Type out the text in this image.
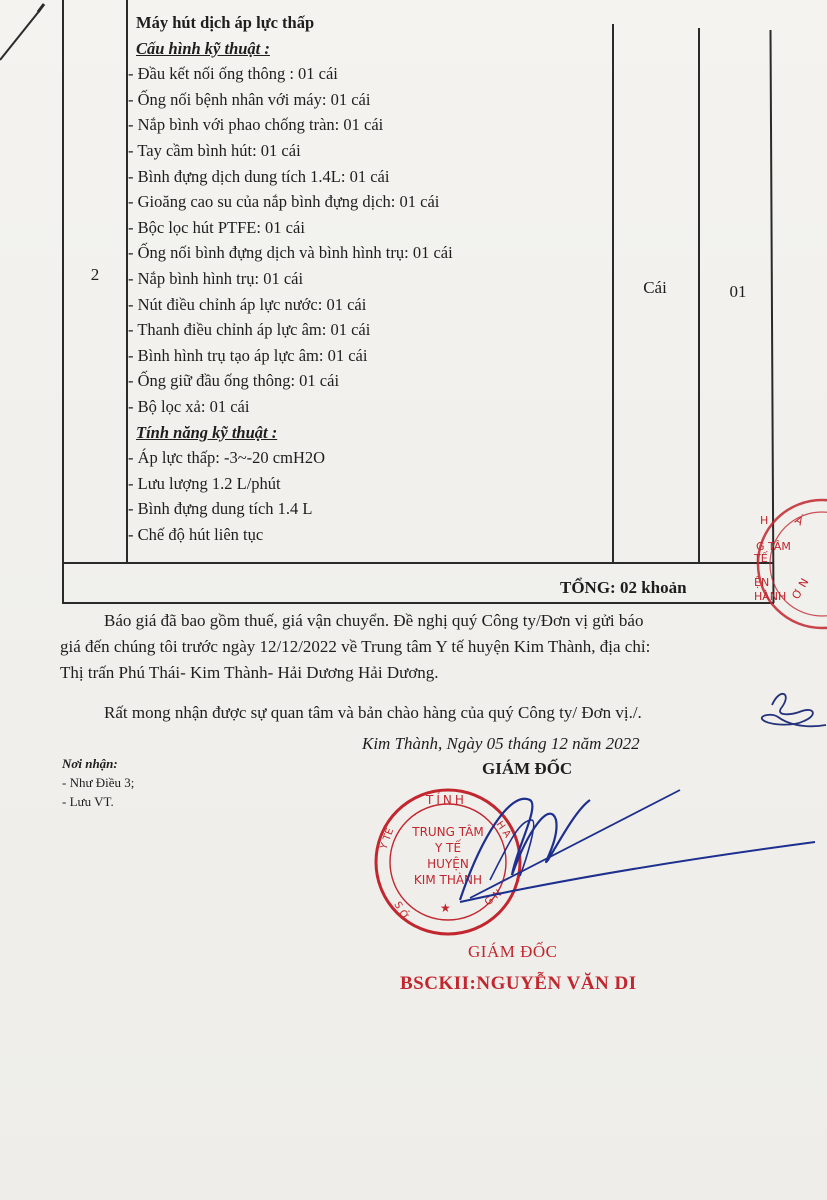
2
Máy hút dịch áp lực thấp
Cấu hình kỹ thuật :
- Đầu kết nối ống thông : 01 cái
- Ống nối bệnh nhân với máy: 01 cái
- Nắp bình với phao chống tràn: 01 cái
- Tay cầm bình hút: 01 cái
- Bình đựng dịch dung tích 1.4L: 01 cái
- Gioăng cao su của nắp bình đựng dịch: 01 cái
- Bộc lọc hút PTFE: 01 cái
- Ống nối bình đựng dịch và bình hình trụ: 01 cái
- Nắp bình hình trụ: 01 cái
- Nút điều chỉnh áp lực nước: 01 cái
- Thanh điều chỉnh áp lực âm: 01 cái
- Bình hình trụ tạo áp lực âm: 01 cái
- Ống giữ đầu ống thông: 01 cái
- Bộ lọc xả: 01 cái
Tính năng kỹ thuật :
- Áp lực thấp: -3~-20 cmH2O
- Lưu lượng 1.2 L/phút
- Bình đựng dung tích 1.4 L
- Chế độ hút liên tục
Cái	01
TỔNG: 02 khoản
H Ả
G TÂM
TẾ
ỆN
HÀNH Ơ N
Báo giá đã bao gồm thuế, giá vận chuyển. Đề nghị quý Công ty/Đơn vị gửi báo
giá đến chúng tôi trước ngày 12/12/2022 về Trung tâm Y tế huyện Kim Thành, địa chỉ:
Thị trấn Phú Thái- Kim Thành- Hải Dương Hải Dương.
Rất mong nhận được sự quan tâm và bản chào hàng của quý Công ty/ Đơn vị./.
Nơi nhận:
- Như Điều 3;
- Lưu VT.
Kim Thành, Ngày 05 tháng 12 năm 2022
GIÁM ĐỐC
TỈNH
Y TẾ
S Ở
G N
H Ả
TRUNG TÂM
Y TẾ
HUYỆN
KIM THÀNH
★
GIÁM ĐỐC
BSCKII:NGUYỄN VĂN DI
